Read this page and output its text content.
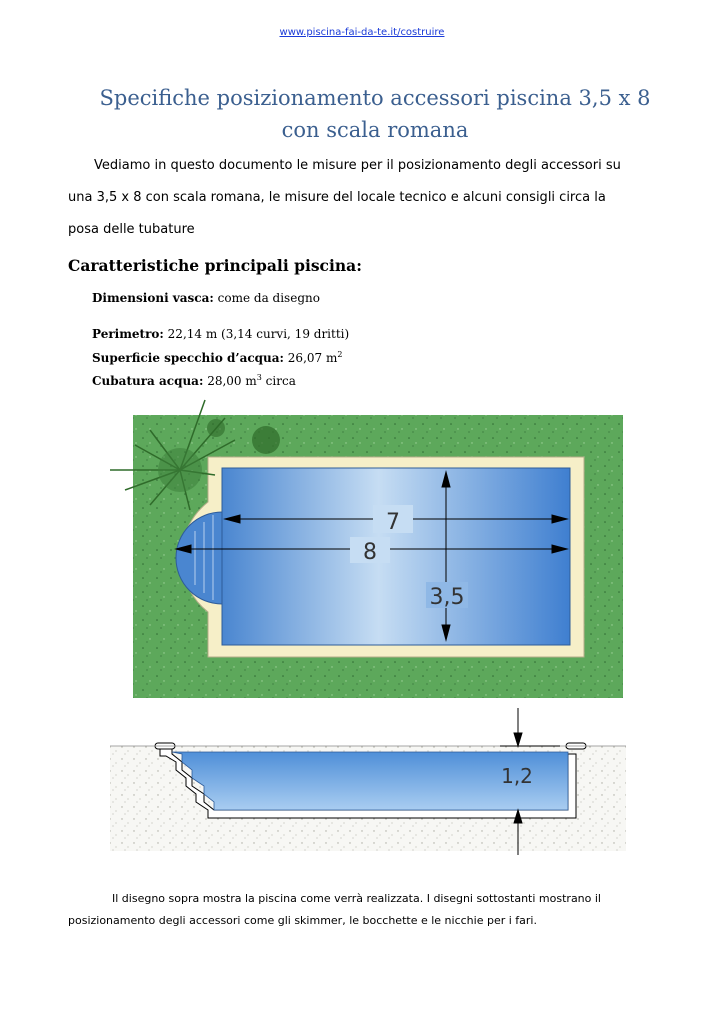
www.piscina-fai-da-te.it/costruire
Specifiche posizionamento accessori piscina 3,5 x 8
con scala romana
Vediamo in questo documento le misure per il posizionamento degli accessori su
una 3,5 x 8 con scala romana, le misure del locale tecnico e alcuni consigli circa la
posa delle tubature
Caratteristiche principali piscina:
Dimensioni vasca: come da disegno
Perimetro: 22,14 m (3,14 curvi, 19 dritti)
Superficie specchio d’acqua: 26,07 $m^2$
Cubatura acqua: 28,00 $m^3$ circa
7
8
3,5
1,2
Il disegno sopra mostra la piscina come verrà realizzata. I disegni sottostanti mostrano il
posizionamento degli accessori come gli skimmer, le bocchette e le nicchie per i fari.
